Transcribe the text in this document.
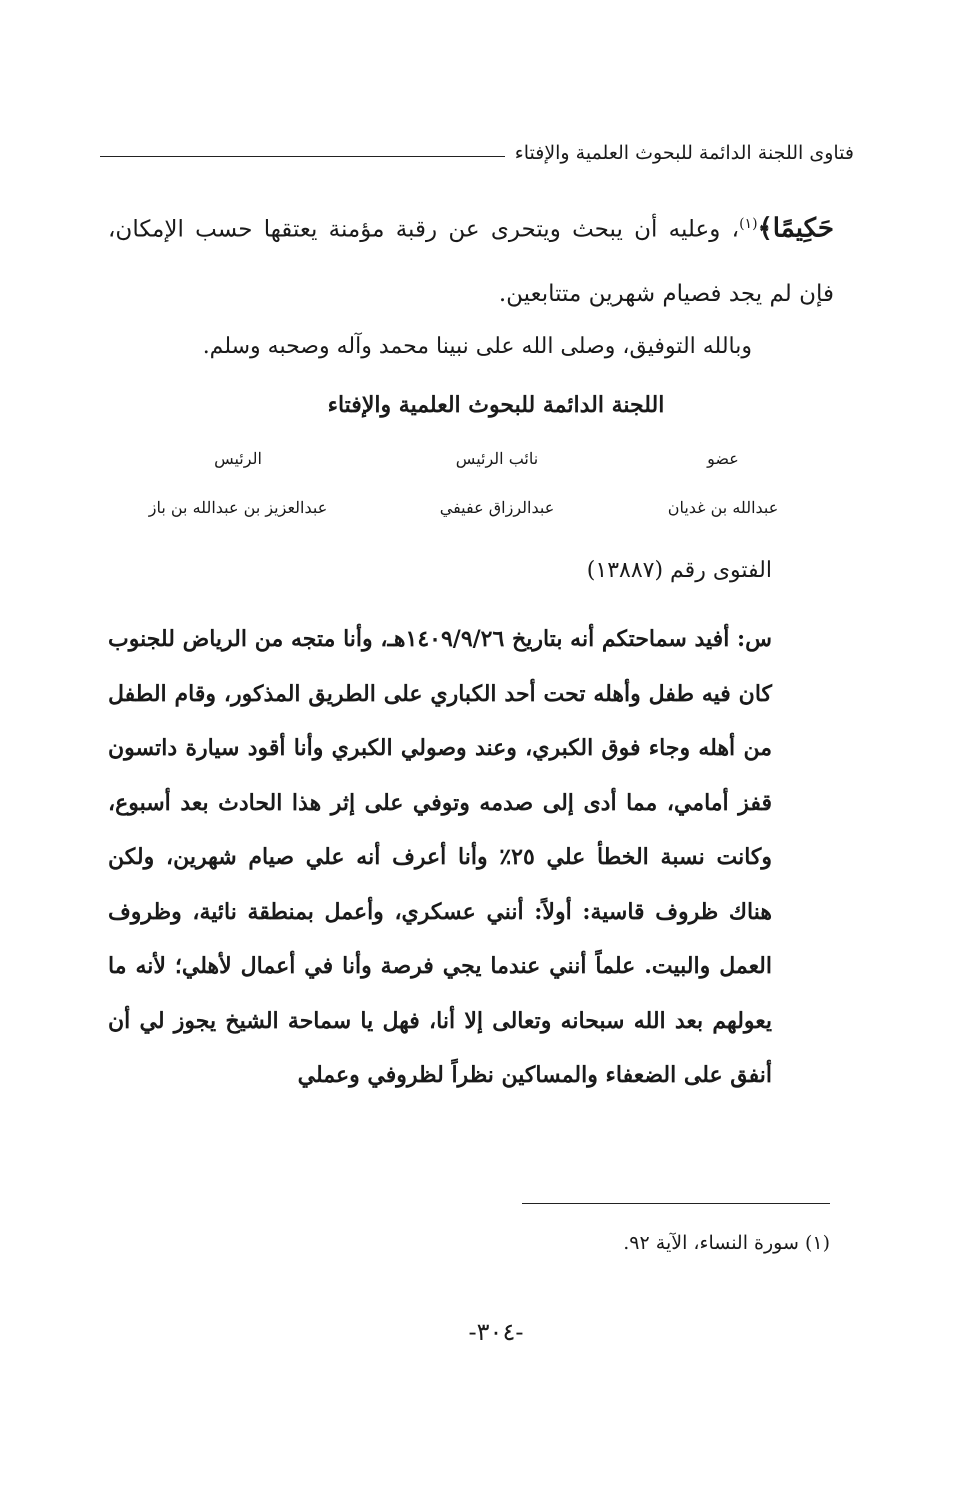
فتاوى اللجنة الدائمة للبحوث العلمية والإفتاء

حَكِيمًا﴾$^{(١)}$، وعليه أن يبحث ويتحرى عن رقبة مؤمنة يعتقها حسب الإمكان، فإن لم يجد فصيام شهرين متتابعين.

وبالله التوفيق، وصلى الله على نبينا محمد وآله وصحبه وسلم.
اللجنة الدائمة للبحوث العلمية والإفتاء
عضو
عبدالله بن غديان
نائب الرئيس
عبدالرزاق عفيفي
الرئيس
عبدالعزيز بن عبدالله بن باز
الفتوى رقم (١٣٨٨٧)

س: أفيد سماحتكم أنه بتاريخ ١٤٠٩/٩/٢٦هـ، وأنا متجه من الرياض للجنوب كان فيه طفل وأهله تحت أحد الكباري على الطريق المذكور، وقام الطفل من أهله وجاء فوق الكبري، وعند وصولي الكبري وأنا أقود سيارة داتسون قفز أمامي، مما أدى إلى صدمه وتوفي على إثر هذا الحادث بعد أسبوع، وكانت نسبة الخطأ علي ٢٥٪ وأنا أعرف أنه علي صيام شهرين، ولكن هناك ظروف قاسية: أولاً: أنني عسكري، وأعمل بمنطقة نائية، وظروف العمل والبيت. علماً أنني عندما يجي فرصة وأنا في أعمال لأهلي؛ لأنه ما يعولهم بعد الله سبحانه وتعالى إلا أنا، فهل يا سماحة الشيخ يجوز لي أن أنفق على الضعفاء والمساكين نظراً لظروفي وعملي

(١) سورة النساء، الآية ٩٢.
-٣٠٤-
